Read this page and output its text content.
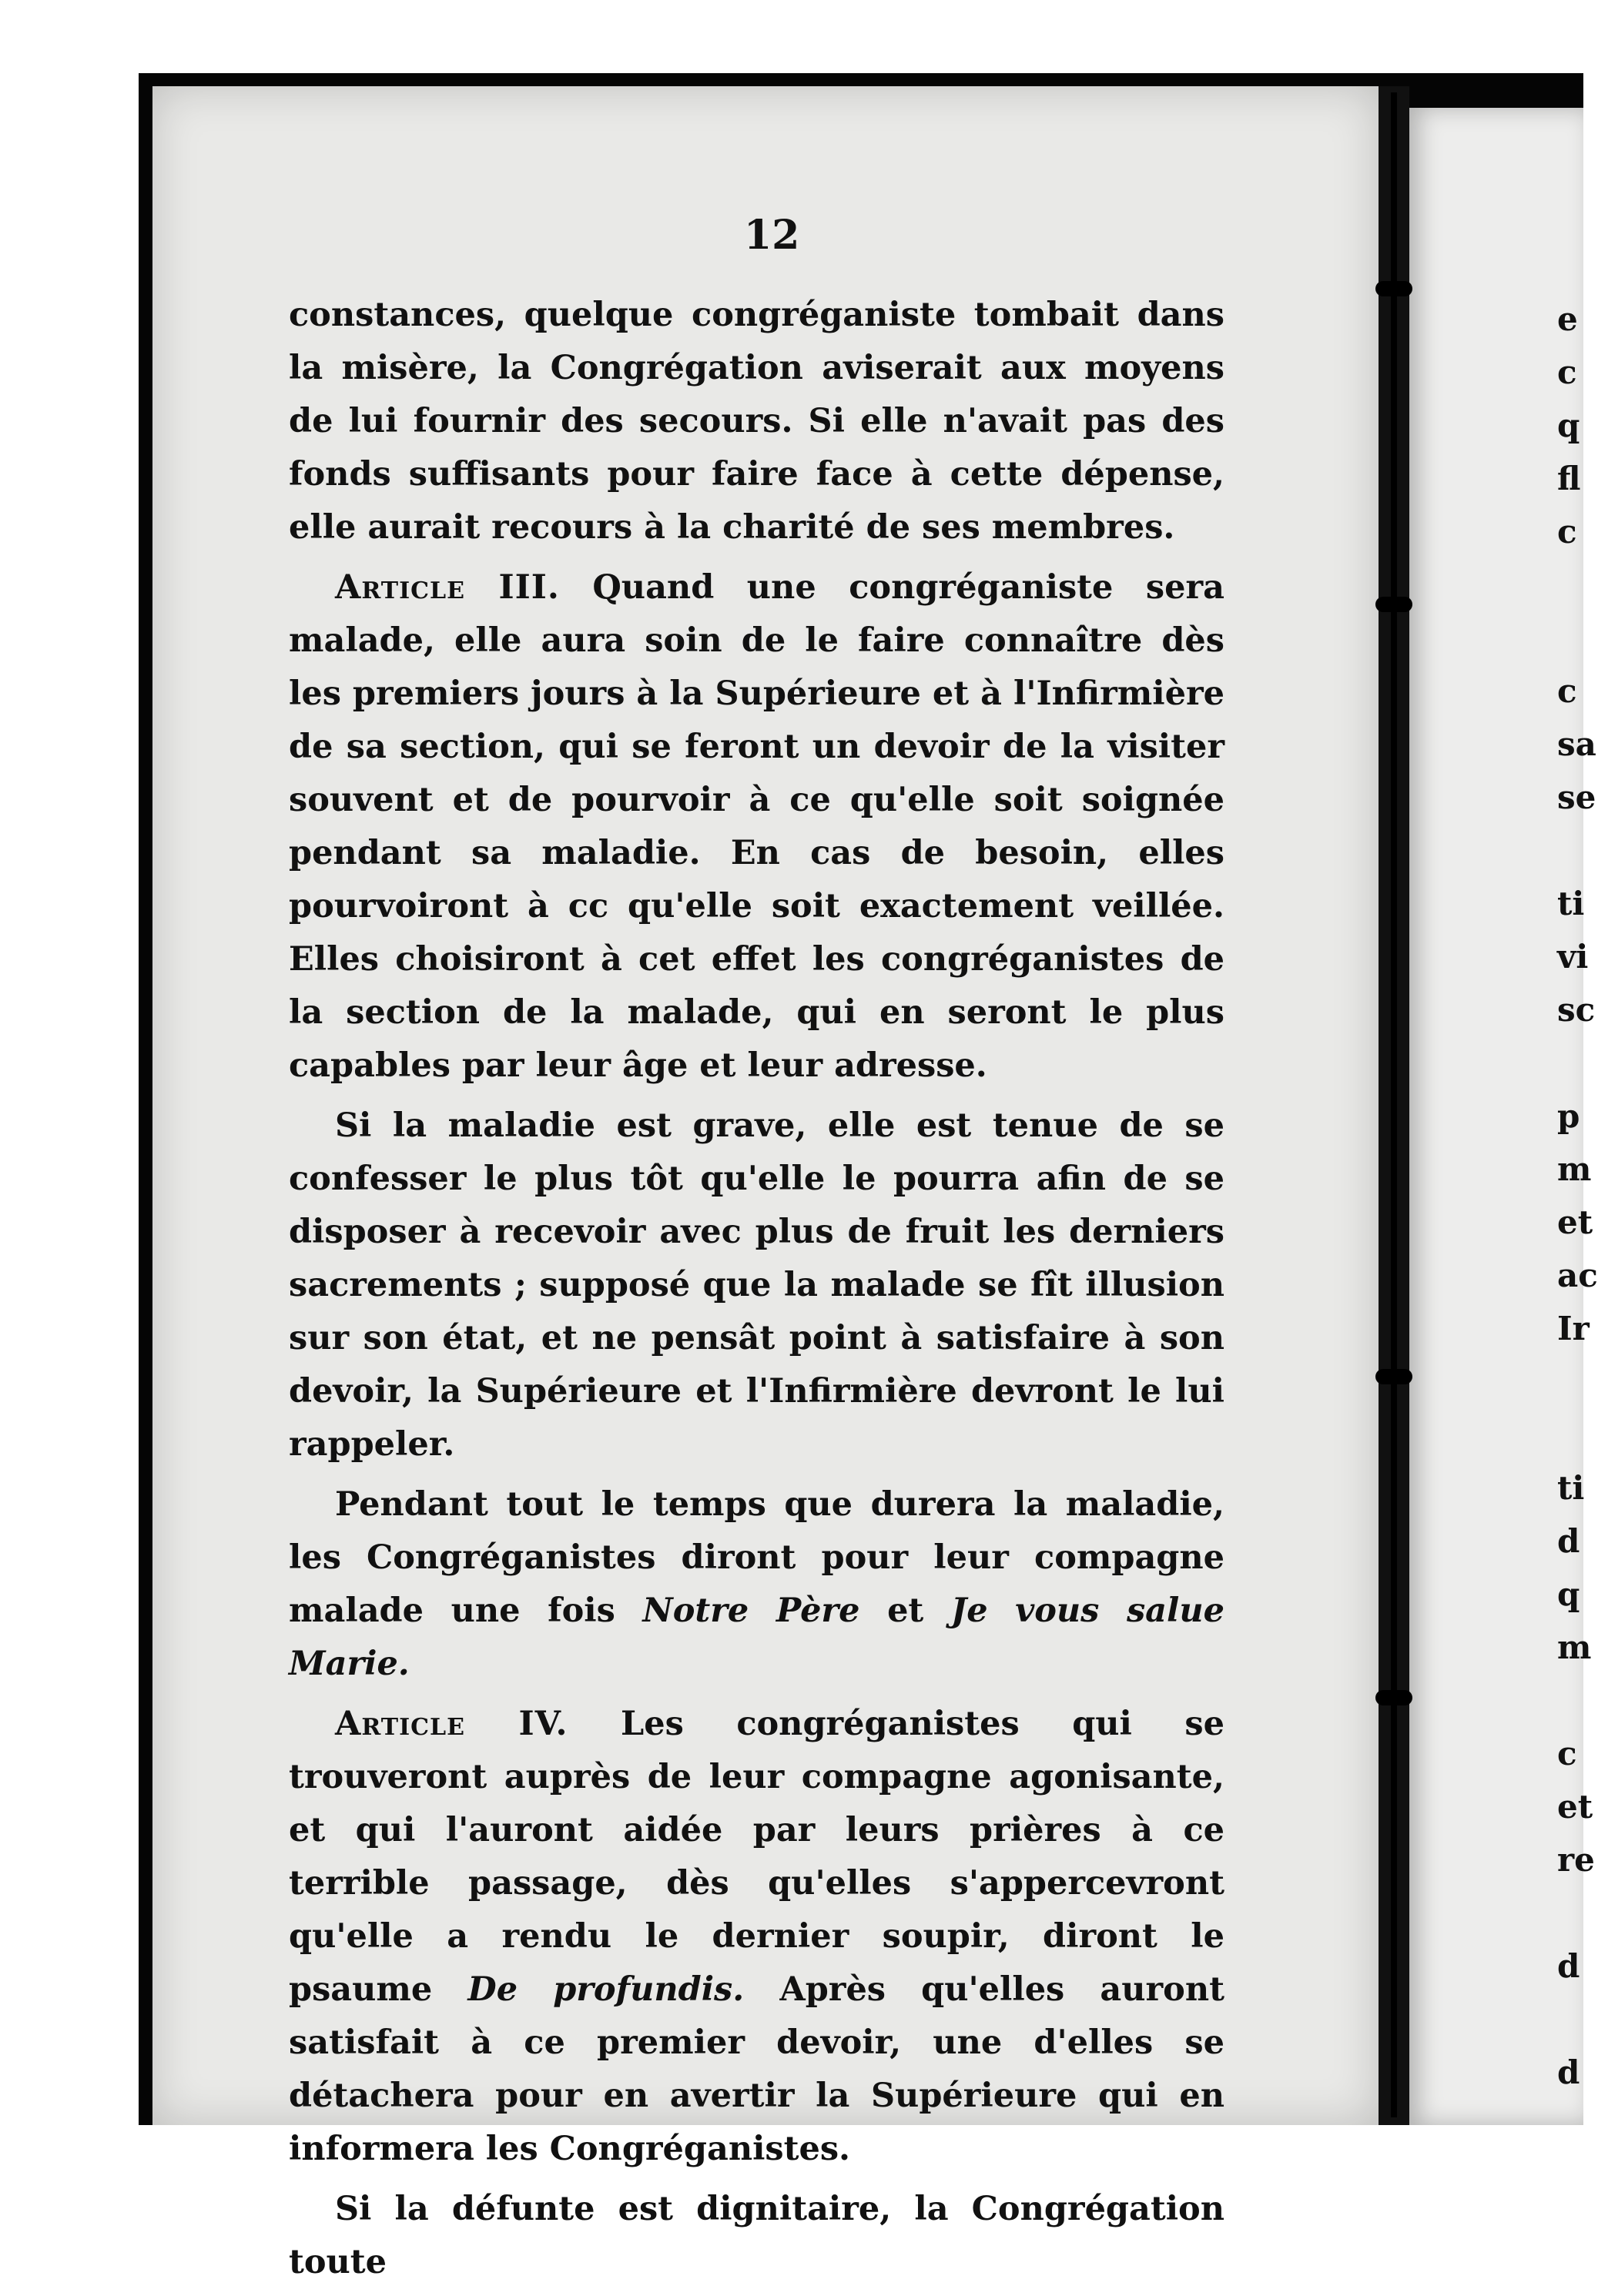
12

constances, quelque congréganiste tombait dans la misère, la Congrégation aviserait aux moyens de lui fournir des secours. Si elle n'avait pas des fonds suffisants pour faire face à cette dépense, elle aurait recours à la charité de ses membres.

Article III. Quand une congréganiste sera malade, elle aura soin de le faire connaître dès les premiers jours à la Supérieure et à l'Infirmière de sa section, qui se feront un devoir de la visiter souvent et de pourvoir à ce qu'elle soit soignée pendant sa maladie. En cas de besoin, elles pourvoiront à cc qu'elle soit exactement veillée. Elles choisiront à cet effet les congréganistes de la section de la malade, qui en seront le plus capables par leur âge et leur adresse.

Si la maladie est grave, elle est tenue de se confesser le plus tôt qu'elle le pourra afin de se disposer à recevoir avec plus de fruit les derniers sacrements ; supposé que la malade se fît illusion sur son état, et ne pensât point à satisfaire à son devoir, la Supérieure et l'Infirmière devront le lui rappeler.

Pendant tout le temps que durera la maladie, les Congréganistes diront pour leur compagne malade une fois Notre Père et Je vous salue Marie.

Article IV. Les congréganistes qui se trouveront auprès de leur compagne agonisante, et qui l'auront aidée par leurs prières à ce terrible passage, dès qu'elles s'appercevront qu'elle a rendu le dernier soupir, diront le psaume De profundis. Après qu'elles auront satisfait à ce premier devoir, une d'elles se détachera pour en avertir la Supérieure qui en informera les Congréganistes.

Si la défunte est dignitaire, la Congrégation toute

e
c
q
fl
c

c
sa
se

ti
vi
sc

p
m
et
ac
Ir

ti
d
q
m

c
et
re

d

d
